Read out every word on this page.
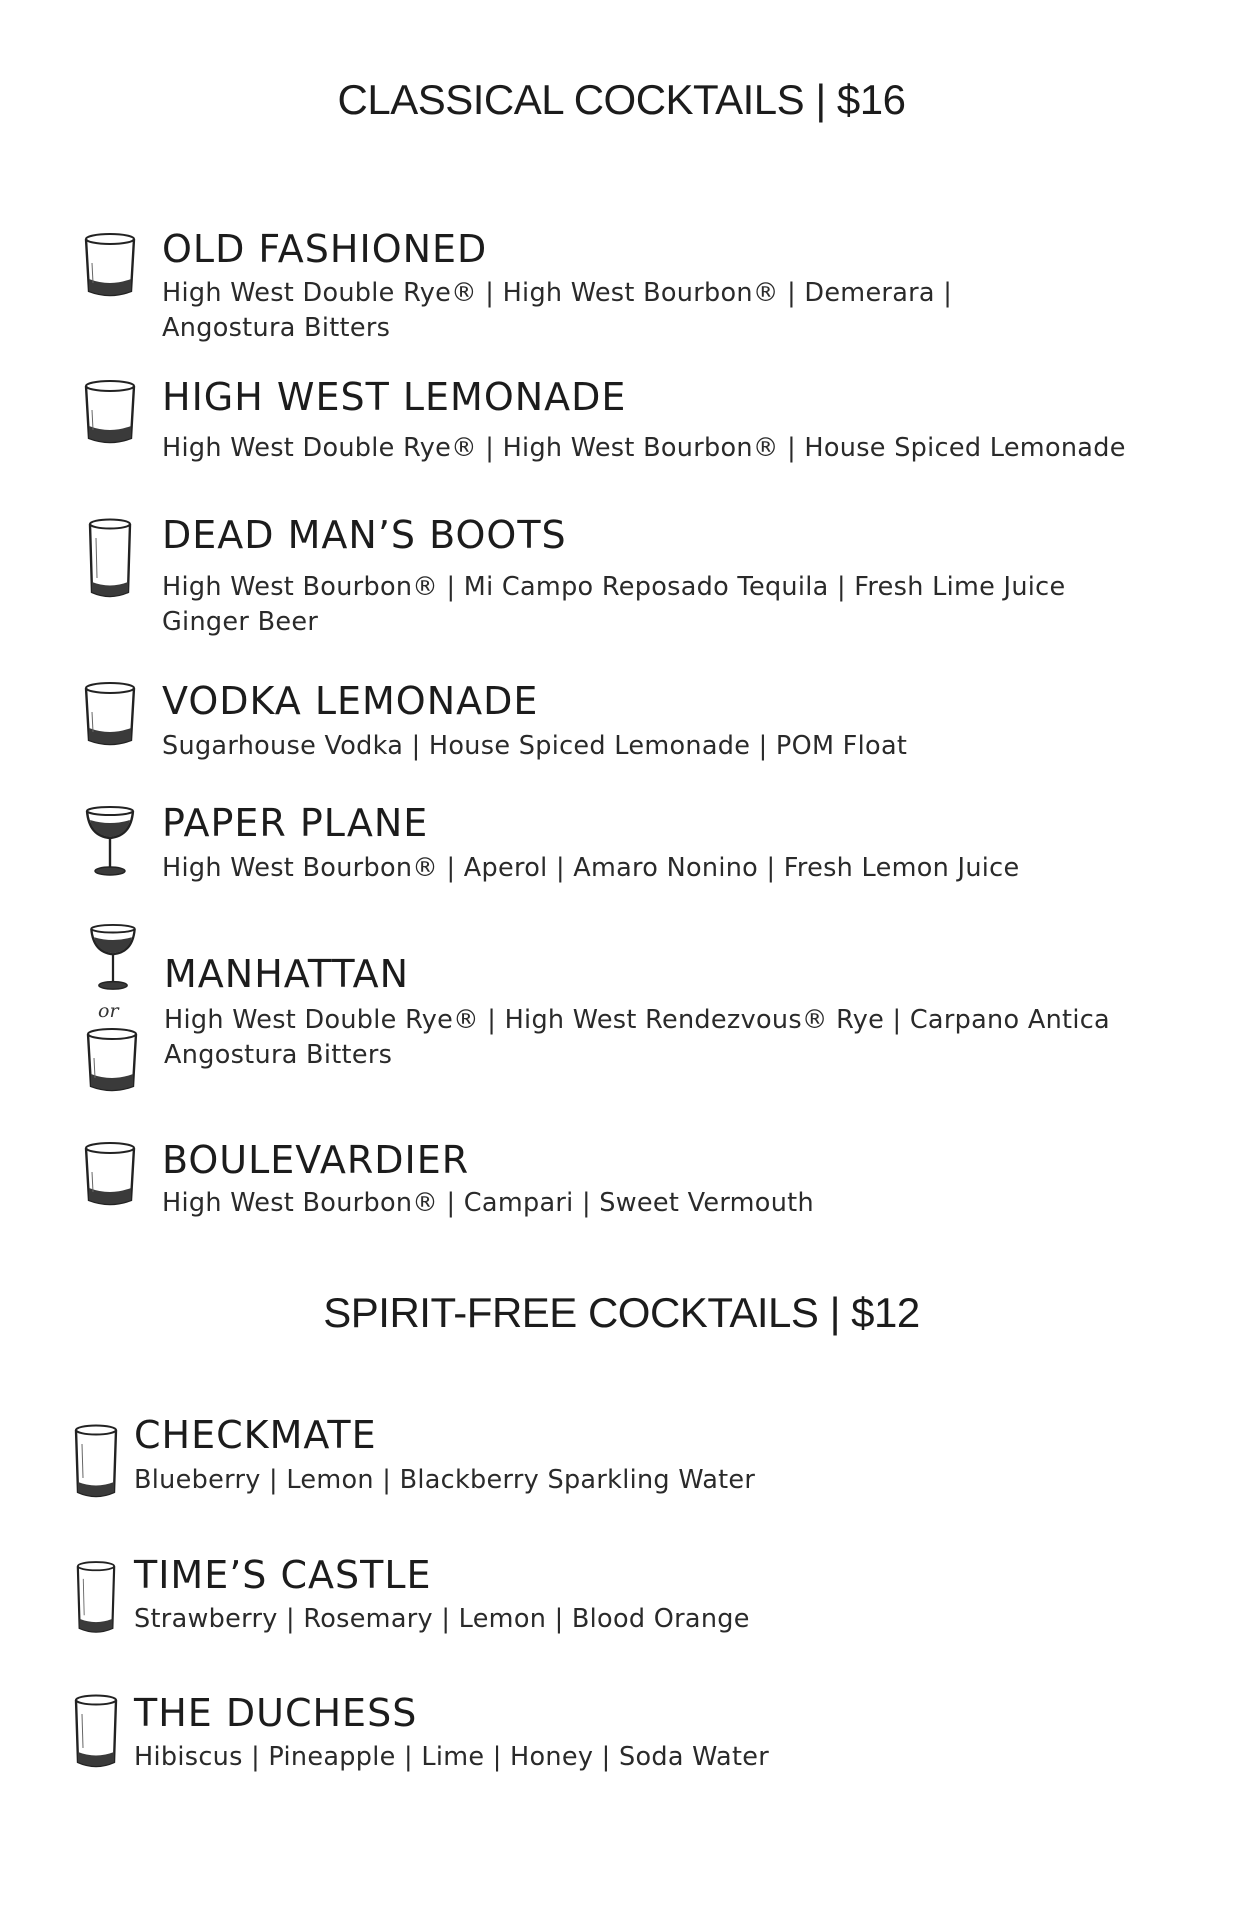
CLASSICAL COCKTAILS | $16
OLD FASHIONED
High West Double Rye® | High West Bourbon® | Demerara |
Angostura Bitters
HIGH WEST LEMONADE
High West Double Rye® | High West Bourbon® | House Spiced Lemonade
DEAD MAN’S BOOTS
High West Bourbon® | Mi Campo Reposado Tequila | Fresh Lime Juice
Ginger Beer
VODKA LEMONADE
Sugarhouse Vodka | House Spiced Lemonade | POM Float
PAPER PLANE
High West Bourbon® | Aperol | Amaro Nonino | Fresh Lemon Juice
or
MANHATTAN
High West Double Rye® | High West Rendezvous® Rye | Carpano Antica
Angostura Bitters
BOULEVARDIER
High West Bourbon® | Campari | Sweet Vermouth
SPIRIT-FREE COCKTAILS | $12
CHECKMATE
Blueberry | Lemon | Blackberry Sparkling Water
TIME’S CASTLE
Strawberry | Rosemary | Lemon | Blood Orange
THE DUCHESS
Hibiscus | Pineapple | Lime | Honey | Soda Water
